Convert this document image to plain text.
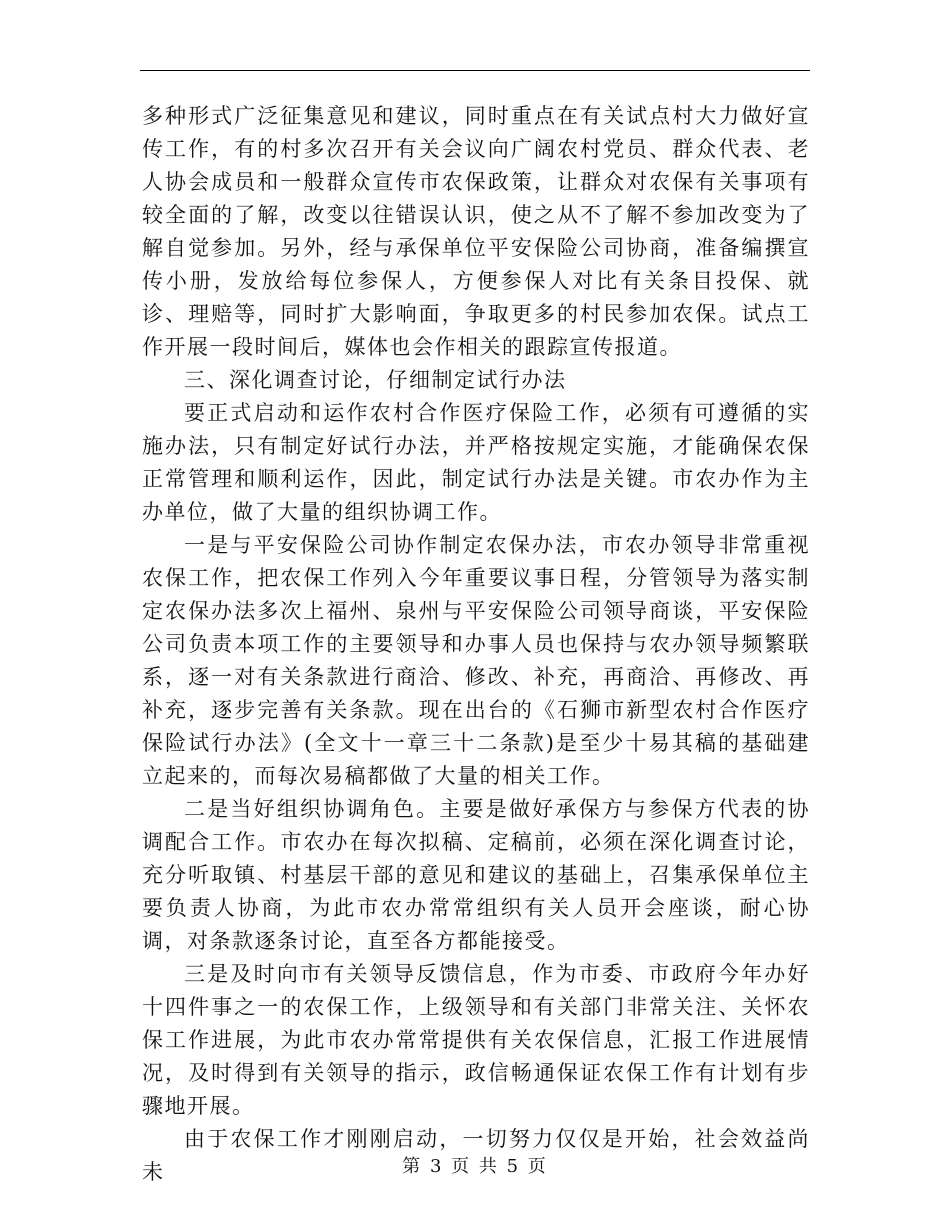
多种形式广泛征集意见和建议，同时重点在有关试点村大力做好宣传工作，有的村多次召开有关会议向广阔农村党员、群众代表、老人协会成员和一般群众宣传市农保政策，让群众对农保有关事项有较全面的了解，改变以往错误认识，使之从不了解不参加改变为了解自觉参加。另外，经与承保单位平安保险公司协商，准备编撰宣传小册，发放给每位参保人，方便参保人对比有关条目投保、就诊、理赔等，同时扩大影响面，争取更多的村民参加农保。试点工作开展一段时间后，媒体也会作相关的跟踪宣传报道。

三、深化调查讨论，仔细制定试行办法

要正式启动和运作农村合作医疗保险工作，必须有可遵循的实施办法，只有制定好试行办法，并严格按规定实施，才能确保农保正常管理和顺利运作，因此，制定试行办法是关键。市农办作为主办单位，做了大量的组织协调工作。

一是与平安保险公司协作制定农保办法，市农办领导非常重视农保工作，把农保工作列入今年重要议事日程，分管领导为落实制定农保办法多次上福州、泉州与平安保险公司领导商谈，平安保险公司负责本项工作的主要领导和办事人员也保持与农办领导频繁联系，逐一对有关条款进行商洽、修改、补充，再商洽、再修改、再补充，逐步完善有关条款。现在出台的《石狮市新型农村合作医疗保险试行办法》(全文十一章三十二条款)是至少十易其稿的基础建立起来的，而每次易稿都做了大量的相关工作。

二是当好组织协调角色。主要是做好承保方与参保方代表的协调配合工作。市农办在每次拟稿、定稿前，必须在深化调查讨论，充分听取镇、村基层干部的意见和建议的基础上，召集承保单位主要负责人协商，为此市农办常常组织有关人员开会座谈，耐心协调，对条款逐条讨论，直至各方都能接受。

三是及时向市有关领导反馈信息，作为市委、市政府今年办好十四件事之一的农保工作，上级领导和有关部门非常关注、关怀农保工作进展，为此市农办常常提供有关农保信息，汇报工作进展情况，及时得到有关领导的指示，政信畅通保证农保工作有计划有步骤地开展。

由于农保工作才刚刚启动，一切努力仅仅是开始，社会效益尚未	第 3 页 共 5 页
